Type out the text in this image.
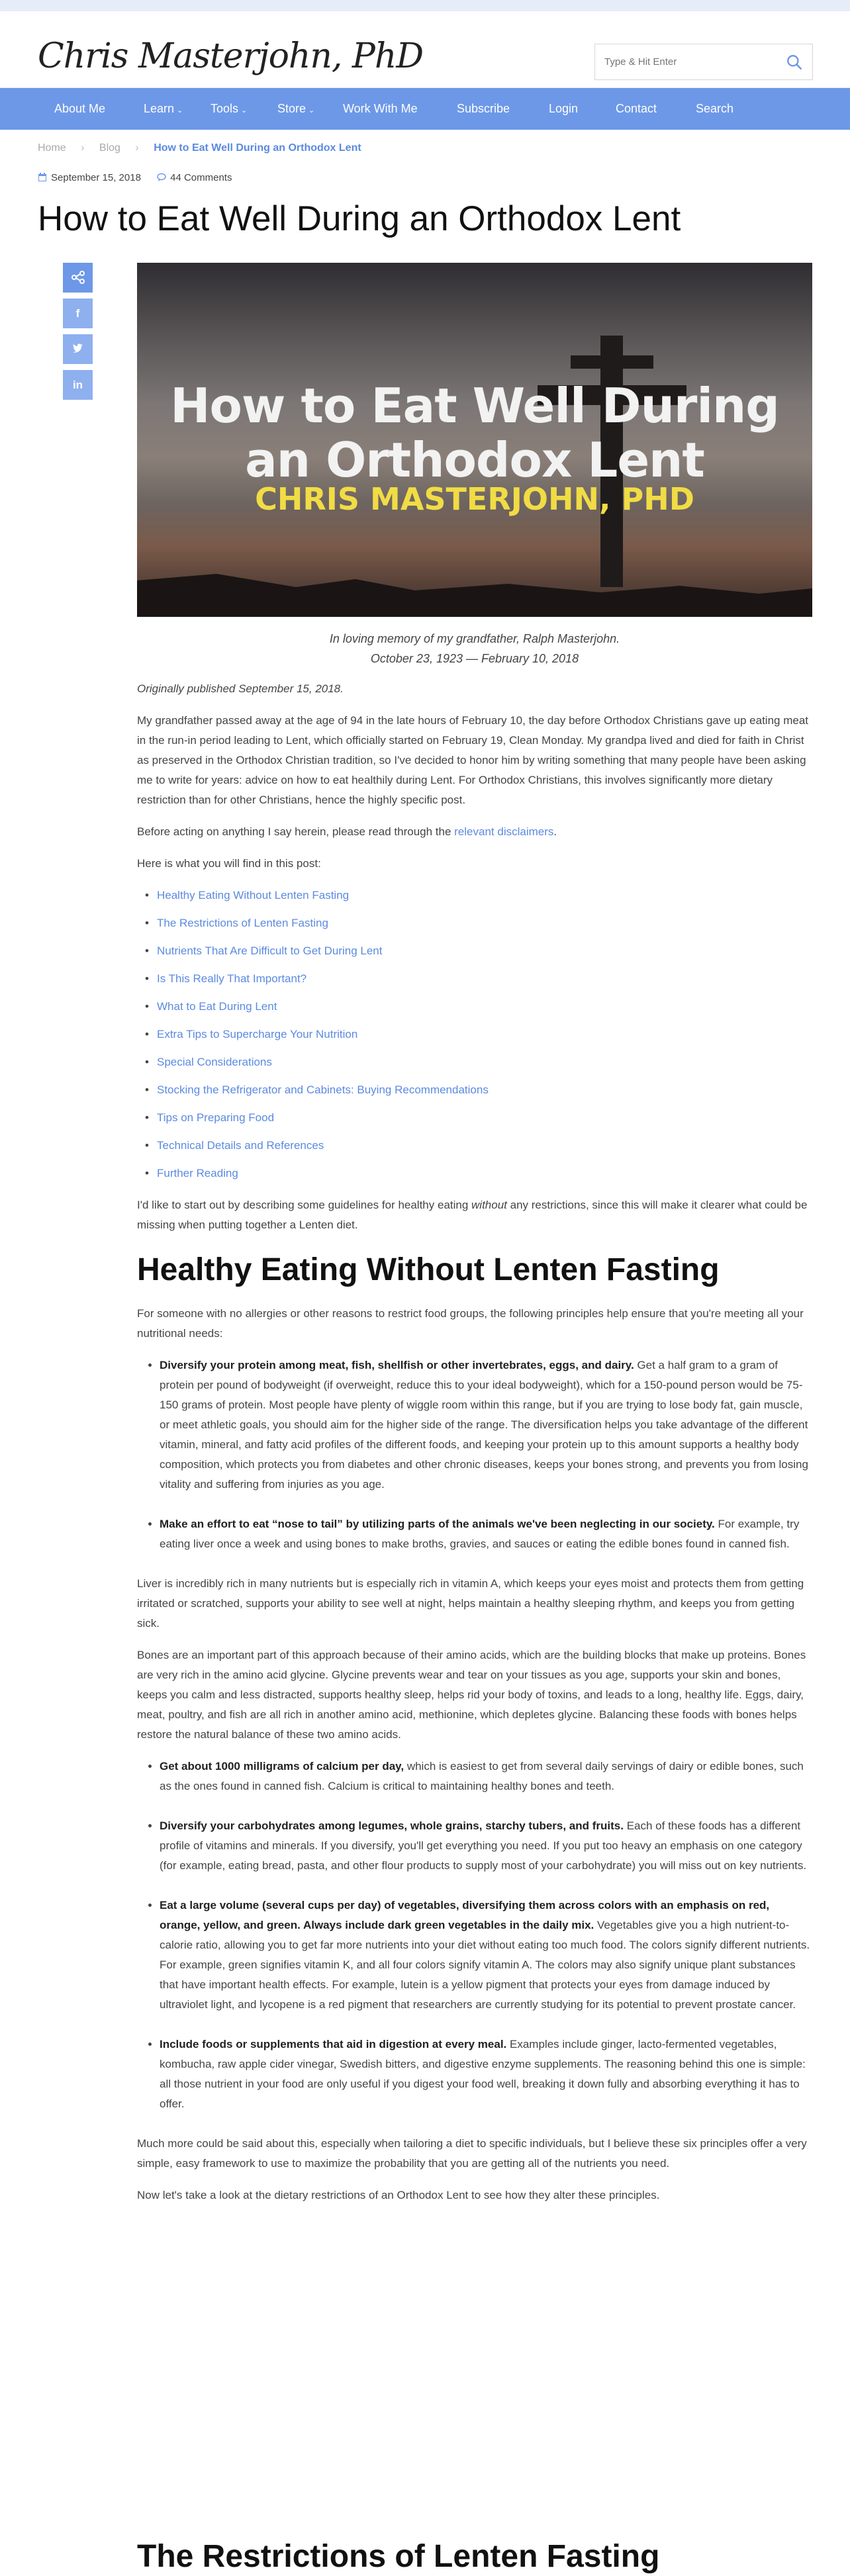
Chris Masterjohn, PhD
Type & Hit Enter
About Me	Learn ⌄ Tools ⌄	Store ⌄ Work With Me	Subscribe	Login	Contact	Search
Home › Blog › How to Eat Well During an Orthodox Lent
September 15, 2018	44 Comments
How to Eat Well During an Orthodox Lent
f
in	How to Eat Well During
an Orthodox Lent
CHRIS MASTERJOHN, PHD
In loving memory of my grandfather, Ralph Masterjohn.
October 23, 1923 — February 10, 2018

Originally published September 15, 2018.

My grandfather passed away at the age of 94 in the late hours of February 10, the day before Orthodox Christians gave up eating meat in the run-in period leading to Lent, which officially started on February 19, Clean Monday. My grandpa lived and died for faith in Christ as preserved in the Orthodox Christian tradition, so I've decided to honor him by writing something that many people have been asking me to write for years: advice on how to eat healthily during Lent. For Orthodox Christians, this involves significantly more dietary restriction than for other Christians, hence the highly specific post.

Before acting on anything I say herein, please read through the relevant disclaimers.

Here is what you will find in this post:

• Healthy Eating Without Lenten Fasting
• The Restrictions of Lenten Fasting
• Nutrients That Are Difficult to Get During Lent
• Is This Really That Important?
• What to Eat During Lent
• Extra Tips to Supercharge Your Nutrition
• Special Considerations
• Stocking the Refrigerator and Cabinets: Buying Recommendations
• Tips on Preparing Food
• Technical Details and References
• Further Reading

I'd like to start out by describing some guidelines for healthy eating without any restrictions, since this will make it clearer what could be missing when putting together a Lenten diet.

Healthy Eating Without Lenten Fasting

For someone with no allergies or other reasons to restrict food groups, the following principles help ensure that you're meeting all your nutritional needs:

• Diversify your protein among meat, fish, shellfish or other invertebrates, eggs, and dairy. Get a half gram to a gram of protein per pound of bodyweight (if overweight, reduce this to your ideal bodyweight), which for a 150-pound person would be 75-150 grams of protein. Most people have plenty of wiggle room within this range, but if you are trying to lose body fat, gain muscle, or meet athletic goals, you should aim for the higher side of the range. The diversification helps you take advantage of the different vitamin, mineral, and fatty acid profiles of the different foods, and keeping your protein up to this amount supports a healthy body composition, which protects you from diabetes and other chronic diseases, keeps your bones strong, and prevents you from losing vitality and suffering from injuries as you age.
• Make an effort to eat “nose to tail” by utilizing parts of the animals we've been neglecting in our society. For example, try eating liver once a week and using bones to make broths, gravies, and sauces or eating the edible bones found in canned fish.

Liver is incredibly rich in many nutrients but is especially rich in vitamin A, which keeps your eyes moist and protects them from getting irritated or scratched, supports your ability to see well at night, helps maintain a healthy sleeping rhythm, and keeps you from getting sick.

Bones are an important part of this approach because of their amino acids, which are the building blocks that make up proteins. Bones are very rich in the amino acid glycine. Glycine prevents wear and tear on your tissues as you age, supports your skin and bones, keeps you calm and less distracted, supports healthy sleep, helps rid your body of toxins, and leads to a long, healthy life. Eggs, dairy, meat, poultry, and fish are all rich in another amino acid, methionine, which depletes glycine. Balancing these foods with bones helps restore the natural balance of these two amino acids.

• Get about 1000 milligrams of calcium per day, which is easiest to get from several daily servings of dairy or edible bones, such as the ones found in canned fish. Calcium is critical to maintaining healthy bones and teeth.
• Diversify your carbohydrates among legumes, whole grains, starchy tubers, and fruits. Each of these foods has a different profile of vitamins and minerals. If you diversify, you'll get everything you need. If you put too heavy an emphasis on one category (for example, eating bread, pasta, and other flour products to supply most of your carbohydrate) you will miss out on key nutrients.
• Eat a large volume (several cups per day) of vegetables, diversifying them across colors with an emphasis on red, orange, yellow, and green. Always include dark green vegetables in the daily mix. Vegetables give you a high nutrient-to-calorie ratio, allowing you to get far more nutrients into your diet without eating too much food. The colors signify different nutrients. For example, green signifies vitamin K, and all four colors signify vitamin A. The colors may also signify unique plant substances that have important health effects. For example, lutein is a yellow pigment that protects your eyes from damage induced by ultraviolet light, and lycopene is a red pigment that researchers are currently studying for its potential to prevent prostate cancer.
• Include foods or supplements that aid in digestion at every meal. Examples include ginger, lacto-fermented vegetables, kombucha, raw apple cider vinegar, Swedish bitters, and digestive enzyme supplements. The reasoning behind this one is simple: all those nutrient in your food are only useful if you digest your food well, breaking it down fully and absorbing everything it has to offer.

Much more could be said about this, especially when tailoring a diet to specific individuals, but I believe these six principles offer a very simple, easy framework to use to maximize the probability that you are getting all of the nutrients you need.

Now let's take a look at the dietary restrictions of an Orthodox Lent to see how they alter these principles.

The Restrictions of Lenten Fasting
